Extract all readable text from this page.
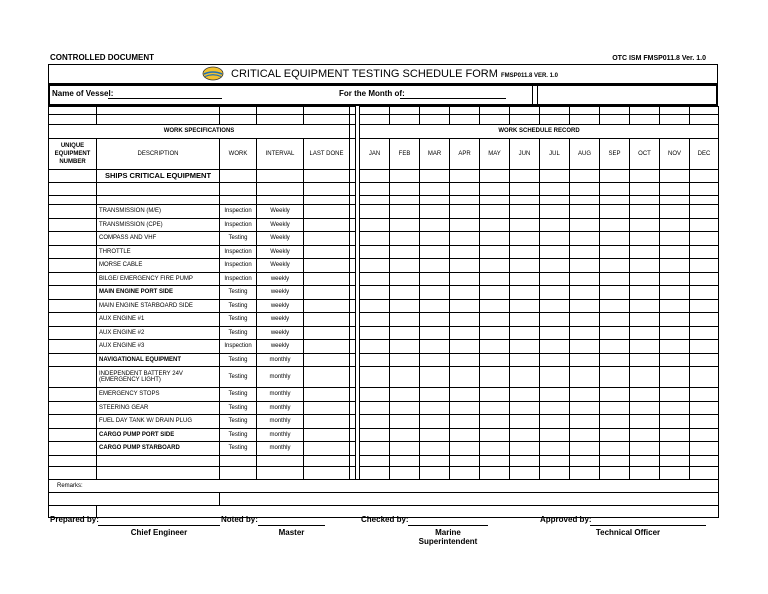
CONTROLLED DOCUMENT	OTC ISM FMSP011.8 Ver. 1.0
CRITICAL EQUIPMENT TESTING SCHEDULE FORM FMSP011.8 VER. 1.0
Name of Vessel:	For the Month of:

WORK SPECIFICATIONS							WORK SCHEDULE RECORD											
UNIQUE EQUIPMENT NUMBER	DESCRIPTION	WORK	INTERVAL	LAST DONE			JAN	FEB	MAR	APR	MAY	JUN	JUL	AUG	SEP	OCT	NOV	DEC
	SHIPS CRITICAL EQUIPMENT																	

	TRANSMISSION (M/E)	Inspection	Weekly															
	TRANSMISSION (CPE)	Inspection	Weekly															
	COMPASS AND VHF	Testing	Weekly															
	THROTTLE	Inspection	Weekly															
	MORSE CABLE	Inspection	Weekly															
	BILGE/ EMERGENCY FIRE PUMP	Inspection	weekly															
	MAIN ENGINE PORT SIDE	Testing	weekly															
	MAIN ENGINE STARBOARD SIDE	Testing	weekly															
	AUX ENGINE #1	Testing	weekly															
	AUX ENGINE #2	Testing	weekly															
	AUX ENGINE #3	Inspection	weekly															
	NAVIGATIONAL EQUIPMENT	Testing	monthly															
	INDEPENDENT BATTERY 24V (EMERGENCY LIGHT)	Testing	monthly															
	EMERGENCY STOPS	Testing	monthly															
	STEERING GEAR	Testing	monthly															
	FUEL DAY TANK W/ DRAIN PLUG	Testing	monthly															
	CARGO PUMP PORT SIDE	Testing	monthly															
	CARGO PUMP STARBOARD	Testing	monthly															

Remarks:																		

Prepared by:
Chief Engineer
Noted by:
Master
Checked by:
Marine Superintendent
Approved by:
Technical Officer
